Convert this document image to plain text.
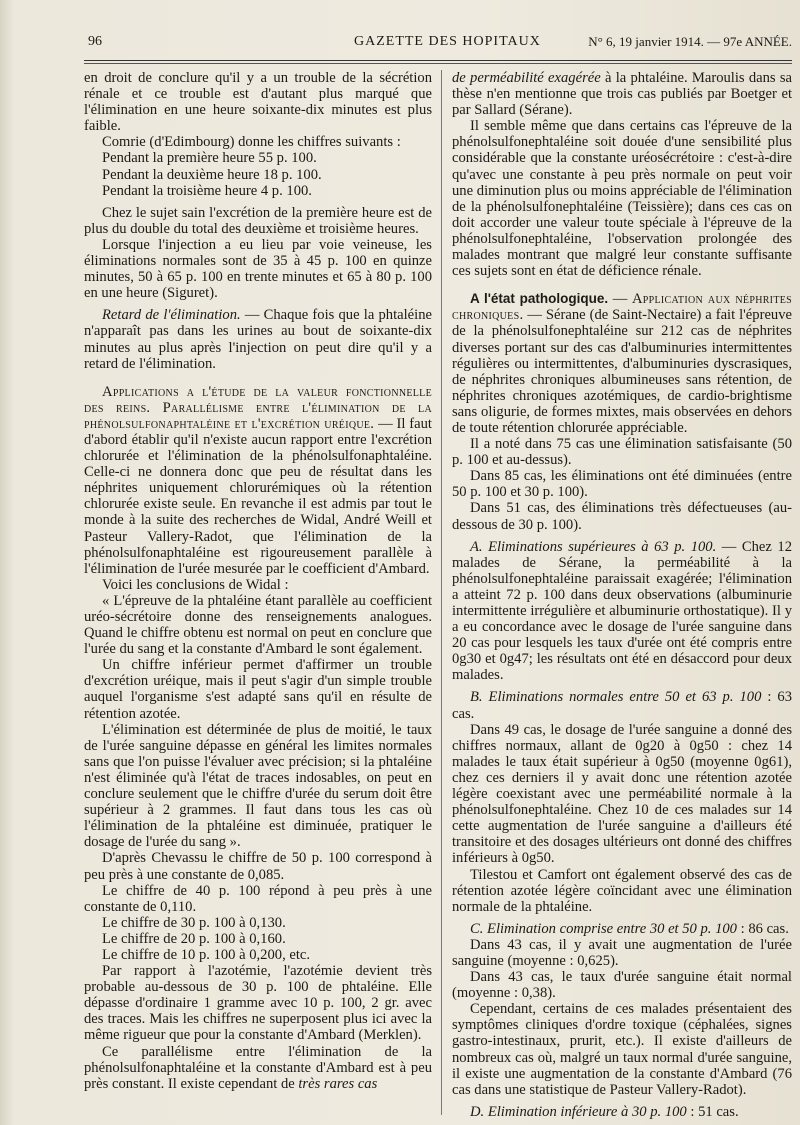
96	GAZETTE DES HOPITAUX	N° 6, 19 janvier 1914. — 97e ANNÉE.

en droit de conclure qu'il y a un trouble de la sécrétion rénale et ce trouble est d'autant plus marqué que l'élimination en une heure soixante-dix minutes est plus faible.

Comrie (d'Edimbourg) donne les chiffres suivants :

Pendant la première heure 55 p. 100.

Pendant la deuxième heure 18 p. 100.

Pendant la troisième heure 4 p. 100.

Chez le sujet sain l'excrétion de la première heure est de plus du double du total des deuxième et troisième heures.

Lorsque l'injection a eu lieu par voie veineuse, les éliminations normales sont de 35 à 45 p. 100 en quinze minutes, 50 à 65 p. 100 en trente minutes et 65 à 80 p. 100 en une heure (Siguret).

Retard de l'élimination. — Chaque fois que la phtaléine n'apparaît pas dans les urines au bout de soixante-dix minutes au plus après l'injection on peut dire qu'il y a retard de l'élimination.

Applications a l'étude de la valeur fonctionnelle des reins. Parallélisme entre l'élimination de la phénolsulfonaphtaléine et l'excrétion uréique. — Il faut d'abord établir qu'il n'existe aucun rapport entre l'excrétion chlorurée et l'élimination de la phénolsulfonaphtaléine. Celle-ci ne donnera donc que peu de résultat dans les néphrites uniquement chlorurémiques où la rétention chlorurée existe seule. En revanche il est admis par tout le monde à la suite des recherches de Widal, André Weill et Pasteur Vallery-Radot, que l'élimination de la phénolsulfonaphtaléine est rigoureusement parallèle à l'élimination de l'urée mesurée par le coefficient d'Ambard.

Voici les conclusions de Widal :

« L'épreuve de la phtaléine étant parallèle au coefficient uréo-sécrétoire donne des renseignements analogues. Quand le chiffre obtenu est normal on peut en conclure que l'urée du sang et la constante d'Ambard le sont également.

Un chiffre inférieur permet d'affirmer un trouble d'excrétion uréique, mais il peut s'agir d'un simple trouble auquel l'organisme s'est adapté sans qu'il en résulte de rétention azotée.

L'élimination est déterminée de plus de moitié, le taux de l'urée sanguine dépasse en général les limites normales sans que l'on puisse l'évaluer avec précision; si la phtaléine n'est éliminée qu'à l'état de traces indosables, on peut en conclure seulement que le chiffre d'urée du serum doit être supérieur à 2 grammes. Il faut dans tous les cas où l'élimination de la phtaléine est diminuée, pratiquer le dosage de l'urée du sang ».

D'après Chevassu le chiffre de 50 p. 100 correspond à peu près à une constante de 0,085.

Le chiffre de 40 p. 100 répond à peu près à une constante de 0,110.

Le chiffre de 30 p. 100 à 0,130.

Le chiffre de 20 p. 100 à 0,160.

Le chiffre de 10 p. 100 à 0,200, etc.

Par rapport à l'azotémie, l'azotémie devient très probable au-dessous de 30 p. 100 de phtaléine. Elle dépasse d'ordinaire 1 gramme avec 10 p. 100, 2 gr. avec des traces. Mais les chiffres ne superposent plus ici avec la même rigueur que pour la constante d'Ambard (Merklen).

Ce parallélisme entre l'élimination de la phénolsulfonaphtaléine et la constante d'Ambard est à peu près constant. Il existe cependant de très rares cas

de perméabilité exagérée à la phtaléine. Maroulis dans sa thèse n'en mentionne que trois cas publiés par Boetger et par Sallard (Sérane).

Il semble même que dans certains cas l'épreuve de la phénolsulfonephtaléine soit douée d'une sensibilité plus considérable que la constante uréosécrétoire : c'est-à-dire qu'avec une constante à peu près normale on peut voir une diminution plus ou moins appréciable de l'élimination de la phénolsulfonephtaléine (Teissière); dans ces cas on doit accorder une valeur toute spéciale à l'épreuve de la phénolsulfonephtaléine, l'observation prolongée des malades montrant que malgré leur constante suffisante ces sujets sont en état de déficience rénale.

A l'état pathologique. — Application aux néphrites chroniques. — Sérane (de Saint-Nectaire) a fait l'épreuve de la phénolsulfonephtaléine sur 212 cas de néphrites diverses portant sur des cas d'albuminuries intermittentes régulières ou intermittentes, d'albuminuries dyscrasiques, de néphrites chroniques albumineuses sans rétention, de néphrites chroniques azotémiques, de cardio-brightisme sans oligurie, de formes mixtes, mais observées en dehors de toute rétention chlorurée appréciable.

Il a noté dans 75 cas une élimination satisfaisante (50 p. 100 et au-dessus).

Dans 85 cas, les éliminations ont été diminuées (entre 50 p. 100 et 30 p. 100).

Dans 51 cas, des éliminations très défectueuses (au-dessous de 30 p. 100).

A. Eliminations supérieures à 63 p. 100. — Chez 12 malades de Sérane, la perméabilité à la phénolsulfonephtaléine paraissait exagérée; l'élimination a atteint 72 p. 100 dans deux observations (albuminurie intermittente irrégulière et albuminurie orthostatique). Il y a eu concordance avec le dosage de l'urée sanguine dans 20 cas pour lesquels les taux d'urée ont été compris entre 0g30 et 0g47; les résultats ont été en désaccord pour deux malades.

B. Eliminations normales entre 50 et 63 p. 100 : 63 cas.

Dans 49 cas, le dosage de l'urée sanguine a donné des chiffres normaux, allant de 0g20 à 0g50 : chez 14 malades le taux était supérieur à 0g50 (moyenne 0g61), chez ces derniers il y avait donc une rétention azotée légère coexistant avec une perméabilité normale à la phénolsulfonephtaléine. Chez 10 de ces malades sur 14 cette augmentation de l'urée sanguine a d'ailleurs été transitoire et des dosages ultérieurs ont donné des chiffres inférieurs à 0g50.

Tilestou et Camfort ont également observé des cas de rétention azotée légère coïncidant avec une élimination normale de la phtaléine.

C. Elimination comprise entre 30 et 50 p. 100 : 86 cas.

Dans 43 cas, il y avait une augmentation de l'urée sanguine (moyenne : 0,625).

Dans 43 cas, le taux d'urée sanguine était normal (moyenne : 0,38).

Cependant, certains de ces malades présentaient des symptômes cliniques d'ordre toxique (céphalées, signes gastro-intestinaux, prurit, etc.). Il existe d'ailleurs de nombreux cas où, malgré un taux normal d'urée sanguine, il existe une augmentation de la constante d'Ambard (76 cas dans une statistique de Pasteur Vallery-Radot).

D. Elimination inférieure à 30 p. 100 : 51 cas.
